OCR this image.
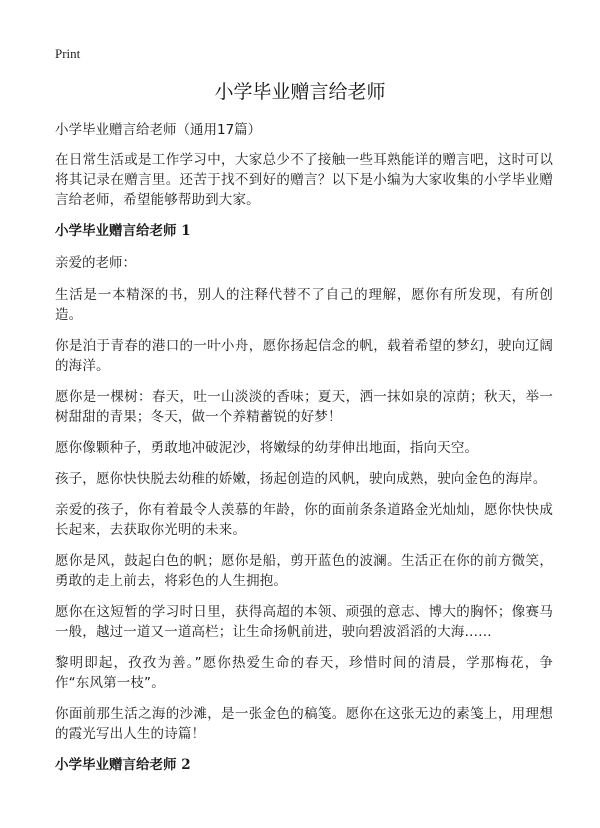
Print
小学毕业赠言给老师
小学毕业赠言给老师（通用17篇）

在日常生活或是工作学习中，大家总少不了接触一些耳熟能详的赠言吧，这时可以将其记录在赠言里。还苦于找不到好的赠言？以下是小编为大家收集的小学毕业赠言给老师，希望能够帮助到大家。

小学毕业赠言给老师 1
亲爱的老师：

生活是一本精深的书，别人的注释代替不了自己的理解，愿你有所发现，有所创造。

你是泊于青春的港口的一叶小舟，愿你扬起信念的帆，载着希望的梦幻，驶向辽阔的海洋。

愿你是一棵树：春天，吐一山淡淡的香味；夏天，洒一抹如泉的凉荫；秋天，举一树甜甜的青果；冬天，做一个养精蓄锐的好梦！

愿你像颗种子，勇敢地冲破泥沙，将嫩绿的幼芽伸出地面，指向天空。

孩子，愿你快快脱去幼稚的娇嫩，扬起创造的风帆，驶向成熟，驶向金色的海岸。

亲爱的孩子，你有着最令人羡慕的年龄，你的面前条条道路金光灿灿，愿你快快成长起来，去获取你光明的未来。

愿你是风，鼓起白色的帆；愿你是船，剪开蓝色的波澜。生活正在你的前方微笑，勇敢的走上前去，将彩色的人生拥抱。

愿你在这短暂的学习时日里，获得高超的本领、顽强的意志、博大的胸怀；像赛马一般，越过一道又一道高栏；让生命扬帆前进，驶向碧波滔滔的大海……

黎明即起，孜孜为善。”愿你热爱生命的春天，珍惜时间的清晨，学那梅花，争作“东风第一枝”。

你面前那生活之海的沙滩，是一张金色的稿笺。愿你在这张无边的素笺上，用理想的霞光写出人生的诗篇！

小学毕业赠言给老师 2
